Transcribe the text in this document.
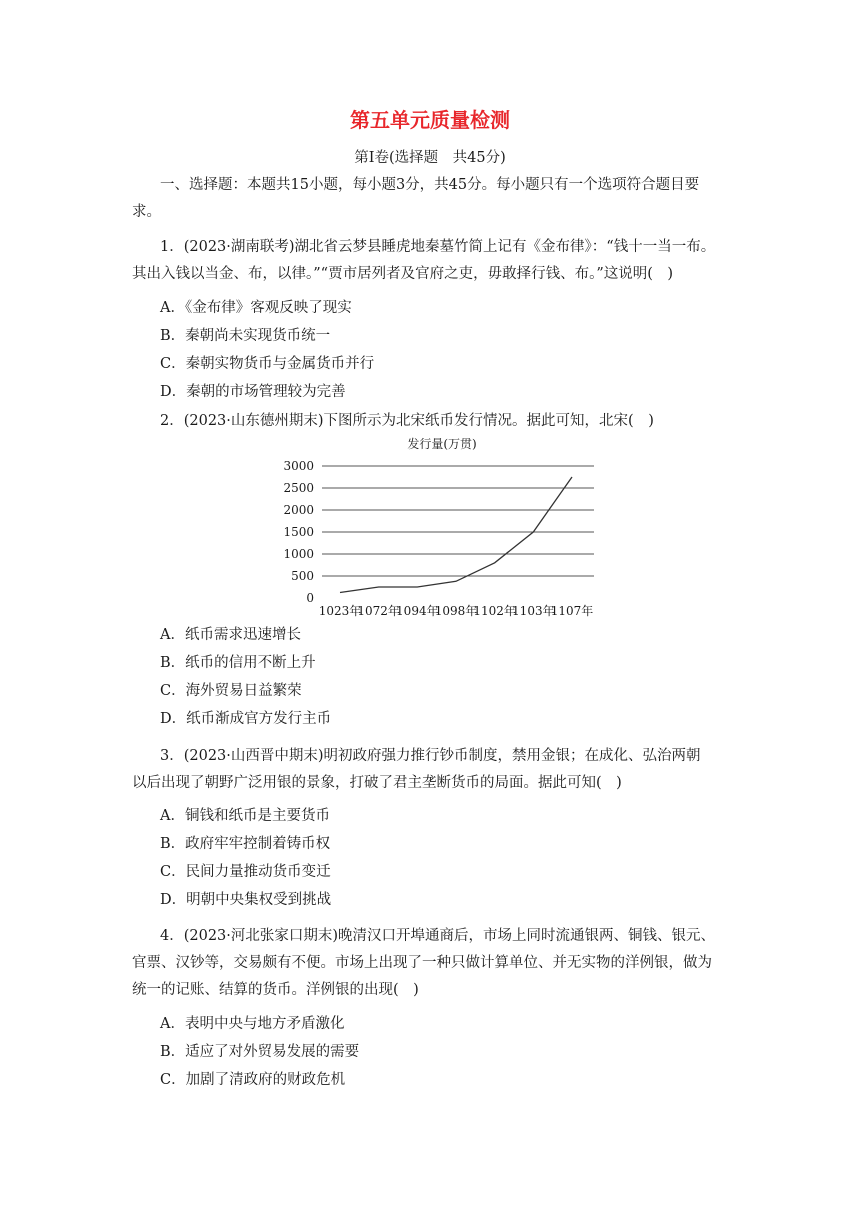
第五单元质量检测
第Ⅰ卷(选择题　共45分)
一、选择题：本题共15小题，每小题3分，共45分。每小题只有一个选项符合题目要
求。
1．(2023·湖南联考)湖北省云梦县睡虎地秦墓竹简上记有《金布律》：“钱十一当一布。
其出入钱以当金、布，以律。”“贾市居列者及官府之吏，毋敢择行钱、布。”这说明(　)
A．《金布律》客观反映了现实
B．秦朝尚未实现货币统一
C．秦朝实物货币与金属货币并行
D．秦朝的市场管理较为完善
2．(2023·山东德州期末)下图所示为北宋纸币发行情况。据此可知，北宋(　)
发行量(万贯)
0
500
1000
1500
2000
2500
3000
1023年
1072年
1094年
1098年
1102年
1103年
1107年
A．纸币需求迅速增长
B．纸币的信用不断上升
C．海外贸易日益繁荣
D．纸币渐成官方发行主币
3．(2023·山西晋中期末)明初政府强力推行钞币制度，禁用金银；在成化、弘治两朝
以后出现了朝野广泛用银的景象，打破了君主垄断货币的局面。据此可知(　)
A．铜钱和纸币是主要货币
B．政府牢牢控制着铸币权
C．民间力量推动货币变迁
D．明朝中央集权受到挑战
4．(2023·河北张家口期末)晚清汉口开埠通商后，市场上同时流通银两、铜钱、银元、
官票、汉钞等，交易颇有不便。市场上出现了一种只做计算单位、并无实物的洋例银，做为
统一的记账、结算的货币。洋例银的出现(　)
A．表明中央与地方矛盾激化
B．适应了对外贸易发展的需要
C．加剧了清政府的财政危机
